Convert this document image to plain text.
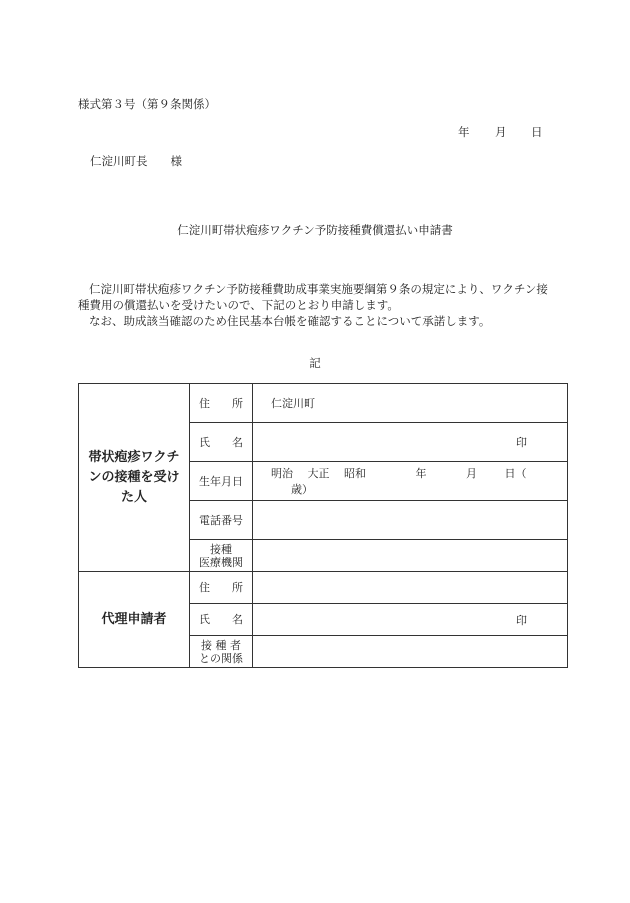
様式第３号（第９条関係）
年 月 日
仁淀川町長　　様
仁淀川町帯状疱疹ワクチン予防接種費償還払い申請書

仁淀川町帯状疱疹ワクチン予防接種費助成事業実施要綱第９条の規定により、ワクチン接

種費用の償還払いを受けたいので、下記のとおり申請します。

なお、助成該当確認のため住民基本台帳を確認することについて承諾します。

記
帯状疱疹ワクチ
ンの接種を受け
た人	住 所	仁淀川町
	氏 名	印

	生年月日	明治 大正 昭和 年 月 日（ 歳）
	電話番号	

	接種
医療機関	

代理申請者	住 所	
	氏 名	印

	接 種 者
との関係	
